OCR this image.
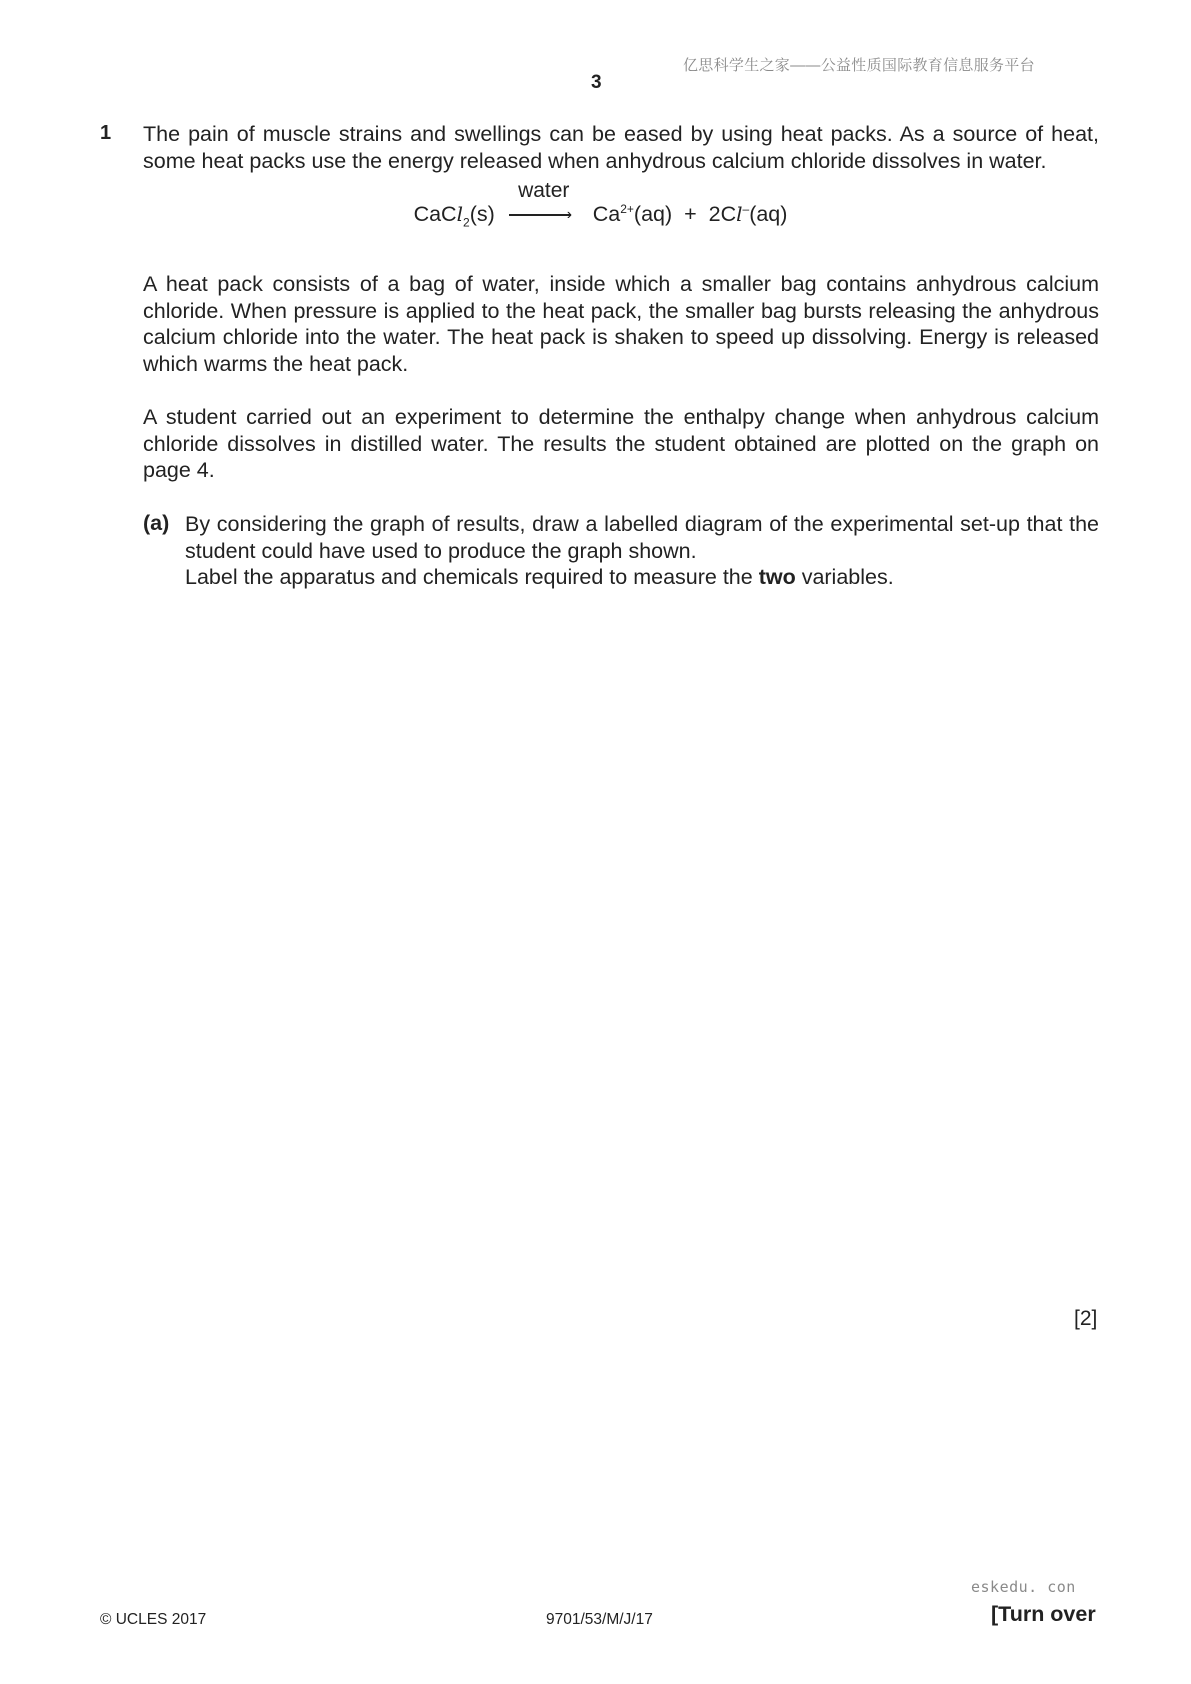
亿思科学生之家——公益性质国际教育信息服务平台
3
1 The pain of muscle strains and swellings can be eased by using heat packs. As a source of heat, some heat packs use the energy released when anhydrous calcium chloride dissolves in water.
CaCl$_2$(s)
water
› $Ca^{2+}(aq) + 2Cl^-(aq)$
A heat pack consists of a bag of water, inside which a smaller bag contains anhydrous calcium chloride. When pressure is applied to the heat pack, the smaller bag bursts releasing the anhydrous calcium chloride into the water. The heat pack is shaken to speed up dissolving. Energy is released which warms the heat pack.
A student carried out an experiment to determine the enthalpy change when anhydrous calcium chloride dissolves in distilled water. The results the student obtained are plotted on the graph on page 4.
(a) By considering the graph of results, draw a labelled diagram of the experimental set-up that the student could have used to produce the graph shown.
Label the apparatus and chemicals required to measure the two variables.
[2]
eskedu. con
© UCLES 2017	9701/53/M/J/17	[Turn over
